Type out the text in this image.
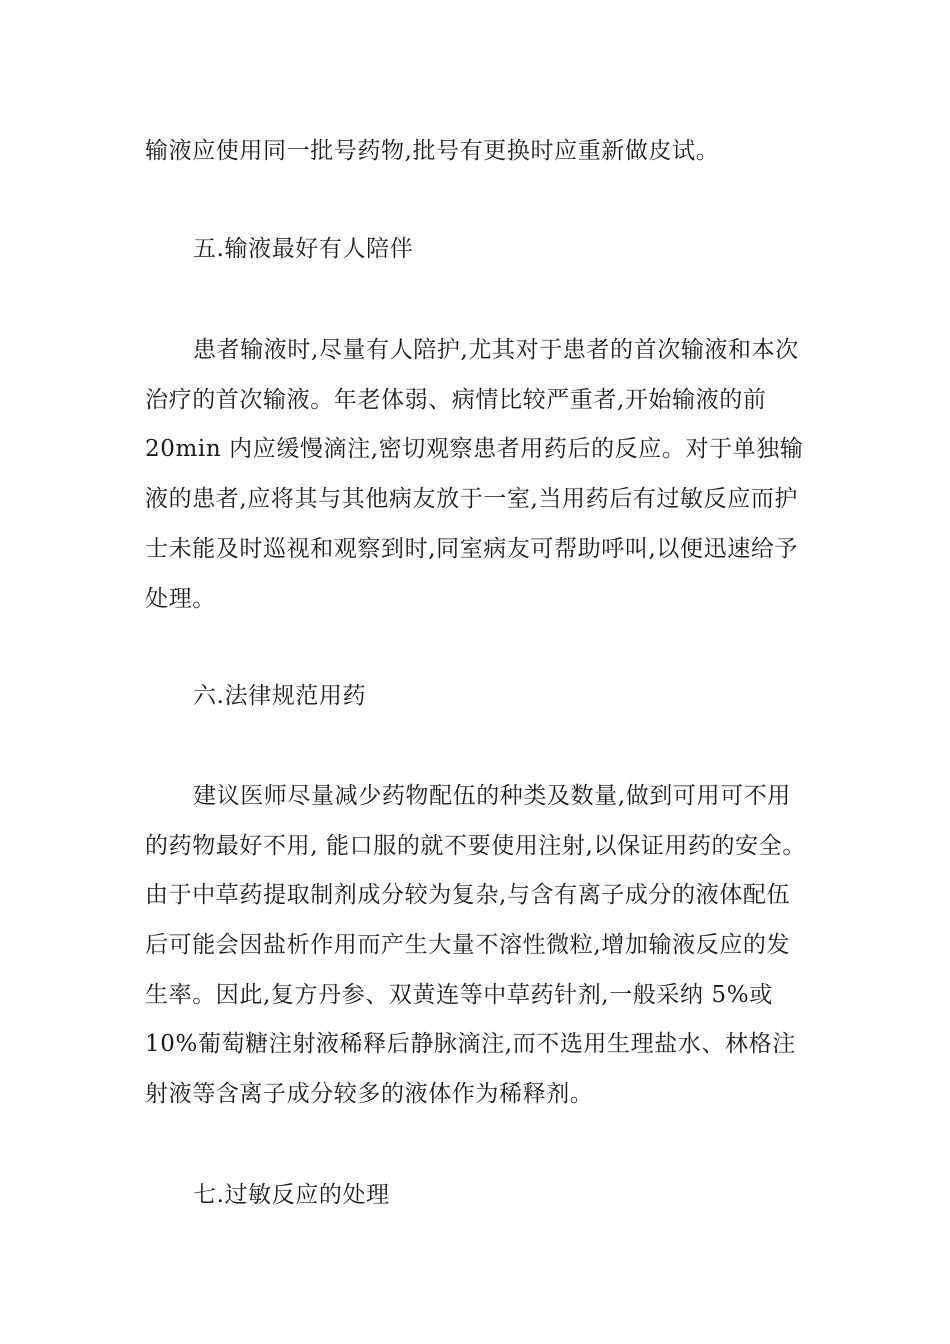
输液应使用同一批号药物,批号有更换时应重新做皮试。
五.输液最好有人陪伴
患者输液时,尽量有人陪护,尤其对于患者的首次输液和本次
治疗的首次输液。年老体弱、病情比较严重者,开始输液的前
20min 内应缓慢滴注,密切观察患者用药后的反应。对于单独输
液的患者,应将其与其他病友放于一室,当用药后有过敏反应而护
士未能及时巡视和观察到时,同室病友可帮助呼叫,以便迅速给予
处理。
六.法律规范用药
建议医师尽量减少药物配伍的种类及数量,做到可用可不用
的药物最好不用, 能口服的就不要使用注射,以保证用药的安全。
由于中草药提取制剂成分较为复杂,与含有离子成分的液体配伍
后可能会因盐析作用而产生大量不溶性微粒,增加输液反应的发
生率。因此,复方丹参、双黄连等中草药针剂,一般采纳 5%或
10%葡萄糖注射液稀释后静脉滴注,而不选用生理盐水、林格注
射液等含离子成分较多的液体作为稀释剂。
七.过敏反应的处理
